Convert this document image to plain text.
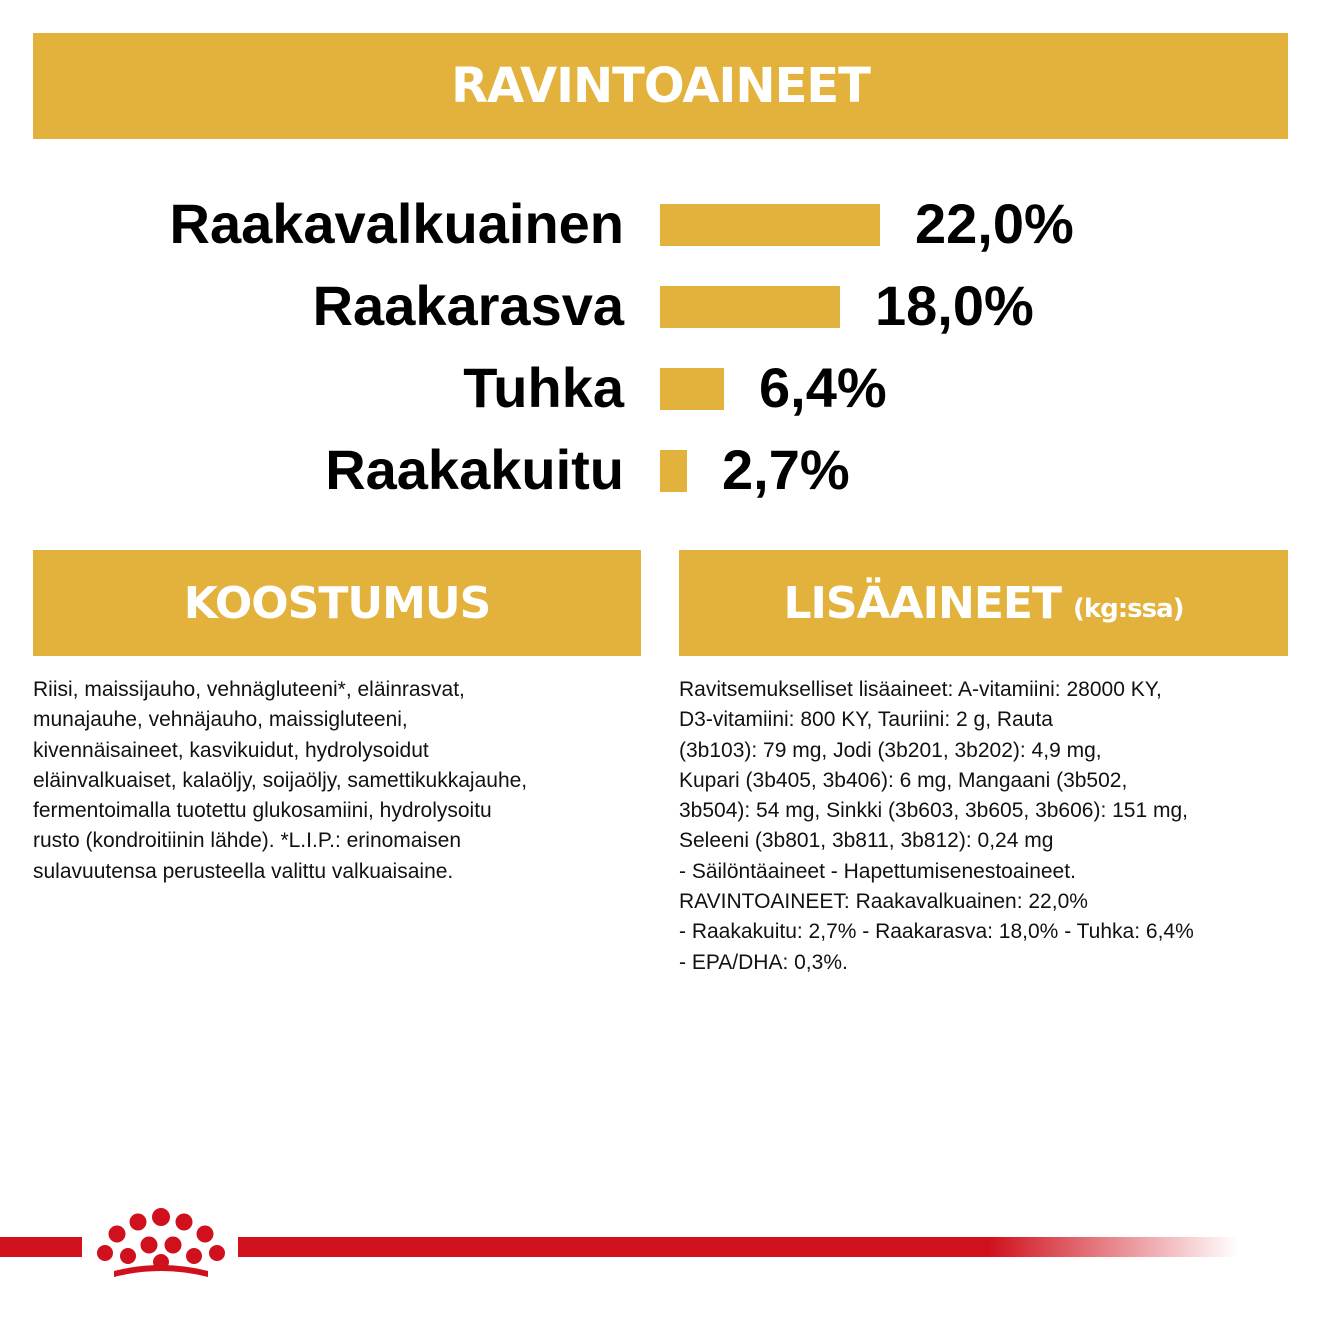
RAVINTOAINEET
Raakavalkuainen	22,0%
Raakarasva	18,0%
Tuhka 6,4%
Raakakuitu 2,7%
KOOSTUMUS	LISÄAINEET (kg:ssa)
Riisi, maissijauho, vehnägluteeni*, eläinrasvat,
munajauhe, vehnäjauho, maissigluteeni,
kivennäisaineet, kasvikuidut, hydrolysoidut
eläinvalkuaiset, kalaöljy, soijaöljy, samettikukkajauhe,
fermentoimalla tuotettu glukosamiini, hydrolysoitu
rusto (kondroitiinin lähde). *L.I.P.: erinomaisen
sulavuutensa perusteella valittu valkuaisaine.
Ravitsemukselliset lisäaineet: A-vitamiini: 28000 KY,
D3-vitamiini: 800 KY, Tauriini: 2 g, Rauta
(3b103): 79 mg, Jodi (3b201, 3b202): 4,9 mg,
Kupari (3b405, 3b406): 6 mg, Mangaani (3b502,
3b504): 54 mg, Sinkki (3b603, 3b605, 3b606): 151 mg,
Seleeni (3b801, 3b811, 3b812): 0,24 mg
- Säilöntäaineet - Hapettumisenestoaineet.
RAVINTOAINEET: Raakavalkuainen: 22,0%
- Raakakuitu: 2,7% - Raakarasva: 18,0% - Tuhka: 6,4%
- EPA/DHA: 0,3%.
